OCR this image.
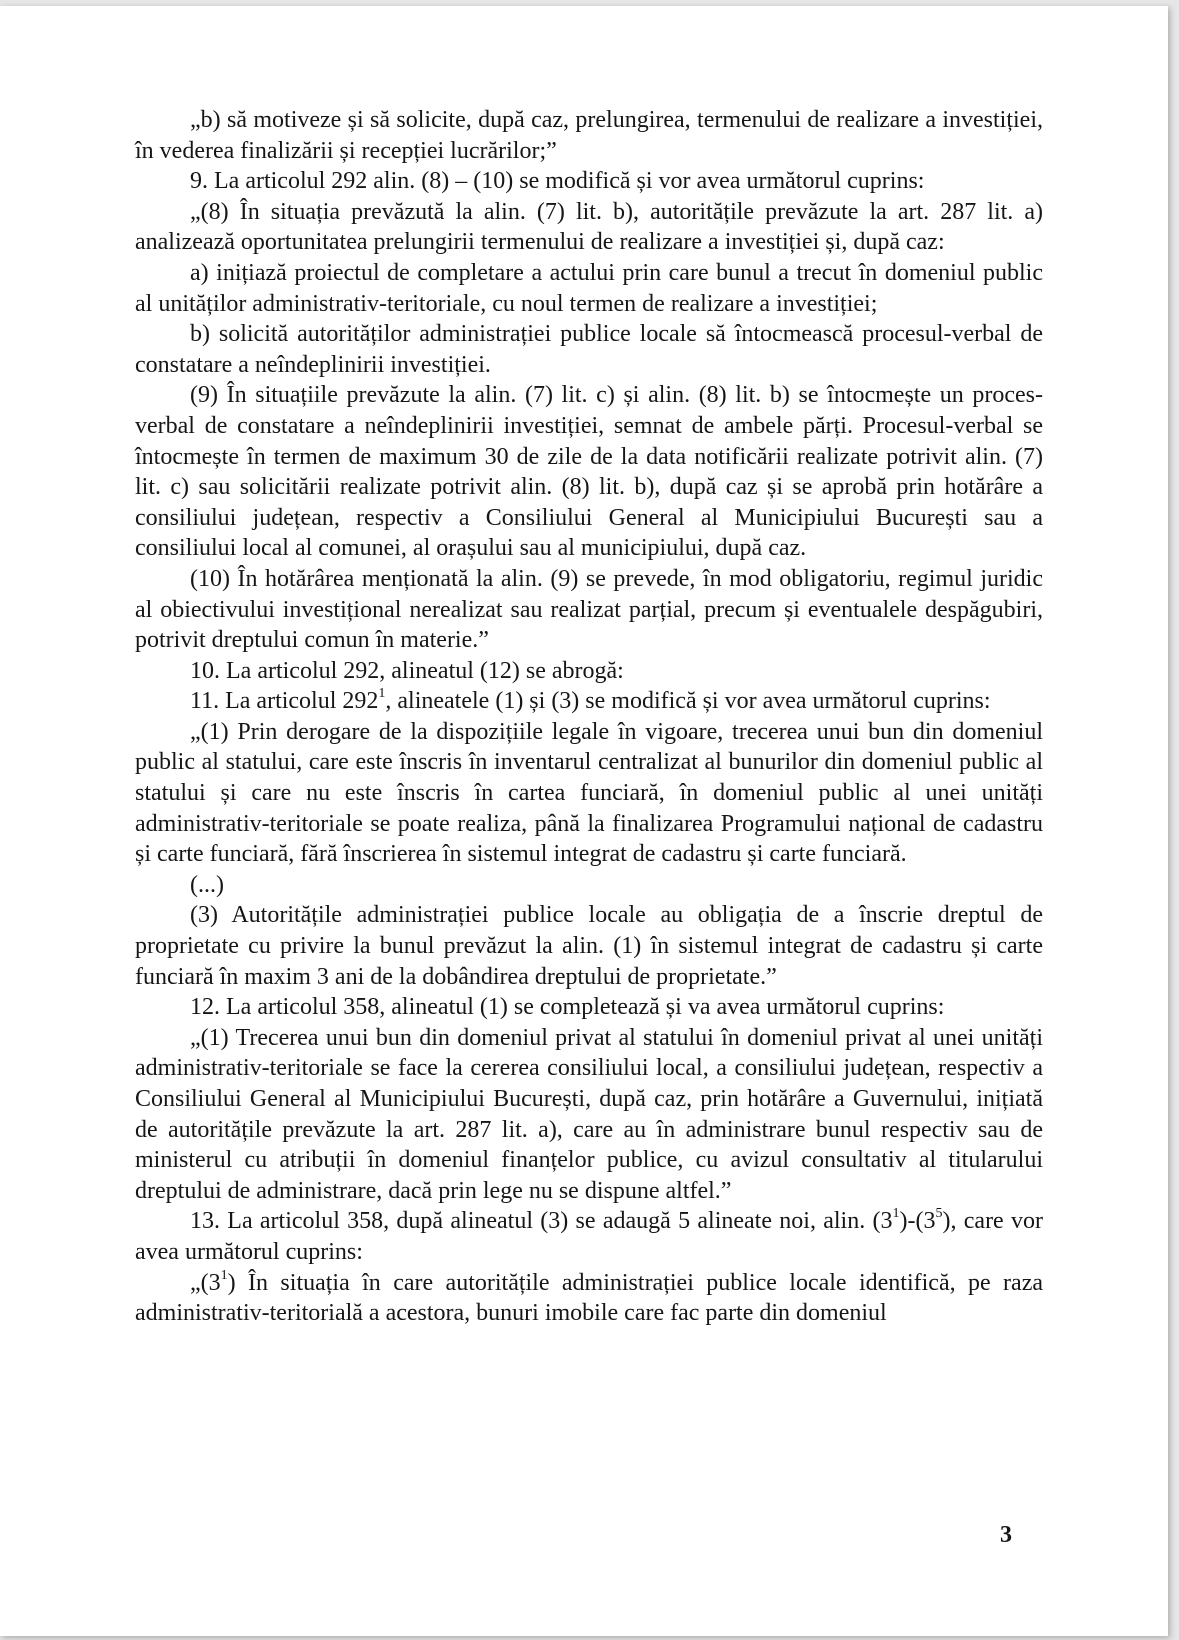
„b) să motiveze și să solicite, după caz, prelungirea, termenului de realizare a investiției, în vederea finalizării și recepției lucrărilor;”

9. La articolul 292 alin. (8) – (10) se modifică și vor avea următorul cuprins:

„(8) În situația prevăzută la alin. (7) lit. b), autoritățile prevăzute la art. 287 lit. a) analizează oportunitatea prelungirii termenului de realizare a investiției și, după caz:

a) inițiază proiectul de completare a actului prin care bunul a trecut în domeniul public al unităților administrativ-teritoriale, cu noul termen de realizare a investiției;

b) solicită autorităților administrației publice locale să întocmească procesul-verbal de constatare a neîndeplinirii investiției.

(9) În situațiile prevăzute la alin. (7) lit. c) și alin. (8) lit. b) se întocmește un proces-verbal de constatare a neîndeplinirii investiției, semnat de ambele părți. Procesul-verbal se întocmește în termen de maximum 30 de zile de la data notificării realizate potrivit alin. (7) lit. c) sau solicitării realizate potrivit alin. (8) lit. b), după caz și se aprobă prin hotărâre a consiliului județean, respectiv a Consiliului General al Municipiului București sau a consiliului local al comunei, al orașului sau al municipiului, după caz.

(10) În hotărârea menționată la alin. (9) se prevede, în mod obligatoriu, regimul juridic al obiectivului investițional nerealizat sau realizat parțial, precum și eventualele despăgubiri, potrivit dreptului comun în materie.”

10. La articolul 292, alineatul (12) se abrogă:

11. La articolul $292^1$, alineatele (1) și (3) se modifică și vor avea următorul cuprins:

„(1) Prin derogare de la dispozițiile legale în vigoare, trecerea unui bun din domeniul public al statului, care este înscris în inventarul centralizat al bunurilor din domeniul public al statului și care nu este înscris în cartea funciară, în domeniul public al unei unități administrativ-teritoriale se poate realiza, până la finalizarea Programului național de cadastru și carte funciară, fără înscrierea în sistemul integrat de cadastru și carte funciară.

(...)

(3) Autoritățile administrației publice locale au obligația de a înscrie dreptul de proprietate cu privire la bunul prevăzut la alin. (1) în sistemul integrat de cadastru și carte funciară în maxim 3 ani de la dobândirea dreptului de proprietate.”

12. La articolul 358, alineatul (1) se completează și va avea următorul cuprins:

„(1) Trecerea unui bun din domeniul privat al statului în domeniul privat al unei unități administrativ-teritoriale se face la cererea consiliului local, a consiliului județean, respectiv a Consiliului General al Municipiului București, după caz, prin hotărâre a Guvernului, inițiată de autoritățile prevăzute la art. 287 lit. a), care au în administrare bunul respectiv sau de ministerul cu atribuții în domeniul finanțelor publice, cu avizul consultativ al titularului dreptului de administrare, dacă prin lege nu se dispune altfel.”

13. La articolul 358, după alineatul (3) se adaugă 5 alineate noi, alin. $(3^1)-(3^5)$, care vor avea următorul cuprins:

$„(3^1)$ În situația în care autoritățile administrației publice locale identifică, pe raza administrativ-teritorială a acestora, bunuri imobile care fac parte din domeniul

3
